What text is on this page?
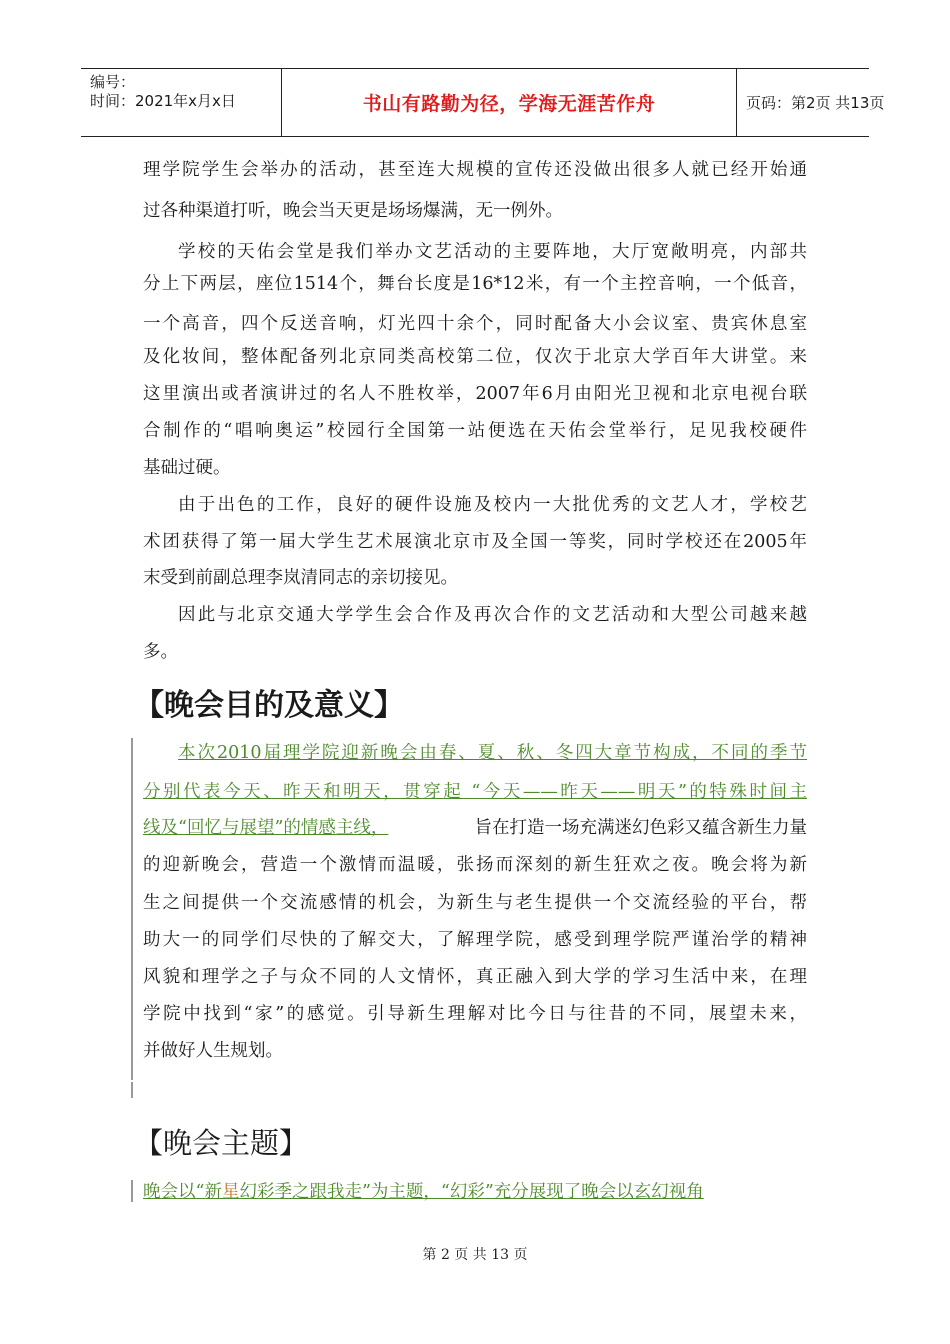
编号：
时间：2021年x月x日	书山有路勤为径，学海无涯苦作舟	页码：第2页 共13页
理学院学生会举办的活动，甚至连大规模的宣传还没做出很多人就已经开始通
过各种渠道打听，晚会当天更是场场爆满，无一例外。
学校的天佑会堂是我们举办文艺活动的主要阵地，大厅宽敞明亮，内部共
分上下两层，座位1514个，舞台长度是16*12米，有一个主控音响，一个低音，
一个高音，四个反送音响，灯光四十余个，同时配备大小会议室、贵宾休息室
及化妆间，整体配备列北京同类高校第二位，仅次于北京大学百年大讲堂。来
这里演出或者演讲过的名人不胜枚举，2007年6月由阳光卫视和北京电视台联
合制作的“唱响奥运”校园行全国第一站便选在天佑会堂举行，足见我校硬件
基础过硬。
由于出色的工作，良好的硬件设施及校内一大批优秀的文艺人才，学校艺
术团获得了第一届大学生艺术展演北京市及全国一等奖，同时学校还在2005年
末受到前副总理李岚清同志的亲切接见。
因此与北京交通大学学生会合作及再次合作的文艺活动和大型公司越来越
多。
【晚会目的及意义】
本次2010届理学院迎新晚会由春、夏、秋、冬四大章节构成，不同的季节
分别代表今天、昨天和明天，贯穿起 “今天——昨天——明天”的特殊时间主
线及“回忆与展望”的情感主线，	旨在打造一场充满迷幻色彩又蕴含新生力量
的迎新晚会，营造一个激情而温暖，张扬而深刻的新生狂欢之夜。晚会将为新
生之间提供一个交流感情的机会，为新生与老生提供一个交流经验的平台，帮
助大一的同学们尽快的了解交大，了解理学院，感受到理学院严谨治学的精神
风貌和理学之子与众不同的人文情怀，真正融入到大学的学习生活中来，在理
学院中找到“家”的感觉。引导新生理解对比今日与往昔的不同，展望未来，
并做好人生规划。
【晚会主题】
晚会以“新星幻彩季之跟我走”为主题，“幻彩”充分展现了晚会以玄幻视角
第 2 页 共 13 页
